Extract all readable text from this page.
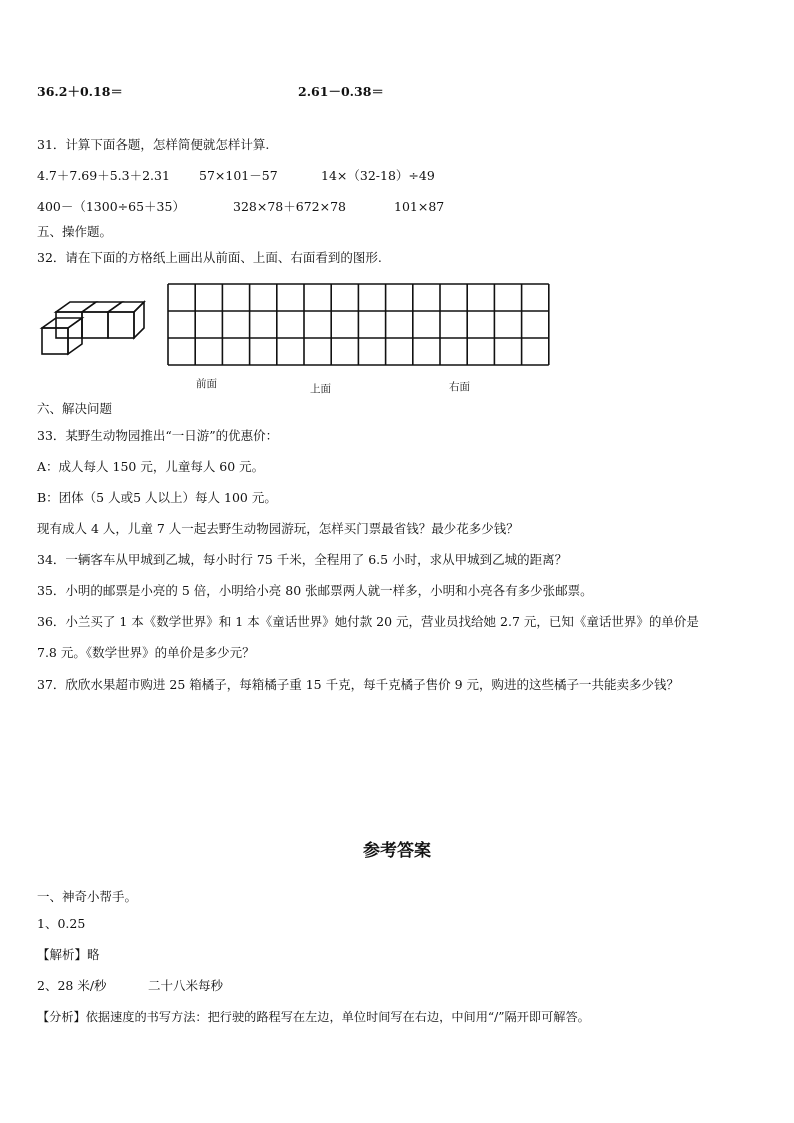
36.2＋0.18＝	2.61－0.38＝
31．计算下面各题，怎样简便就怎样计算.
4.7＋7.69＋5.3＋2.31 57×101－57	14×（32-18）÷49
400－（1300÷65＋35）	328×78＋672×78	101×87
五、操作题。
32．请在下面的方格纸上画出从前面、上面、右面看到的图形.
前面	上面	右面
六、解决问题
33．某野生动物园推出“一日游”的优惠价：
A：成人每人 150 元，儿童每人 60 元。
B：团体（5 人或5 人以上）每人 100 元。
现有成人 4 人，儿童 7 人一起去野生动物园游玩，怎样买门票最省钱？最少花多少钱？
34．一辆客车从甲城到乙城，每小时行 75 千米，全程用了 6.5 小时，求从甲城到乙城的距离？
35．小明的邮票是小亮的 5 倍，小明给小亮 80 张邮票两人就一样多，小明和小亮各有多少张邮票。
36．小兰买了 1 本《数学世界》和 1 本《童话世界》她付款 20 元，营业员找给她 2.7 元，已知《童话世界》的单价是
7.8 元。《数学世界》的单价是多少元？
37．欣欣水果超市购进 25 箱橘子，每箱橘子重 15 千克，每千克橘子售价 9 元，购进的这些橘子一共能卖多少钱？
参考答案
一、神奇小帮手。
1、0.25
【解析】略
2、28 米/秒	二十八米每秒
【分析】依据速度的书写方法：把行驶的路程写在左边，单位时间写在右边，中间用“/”隔开即可解答。
